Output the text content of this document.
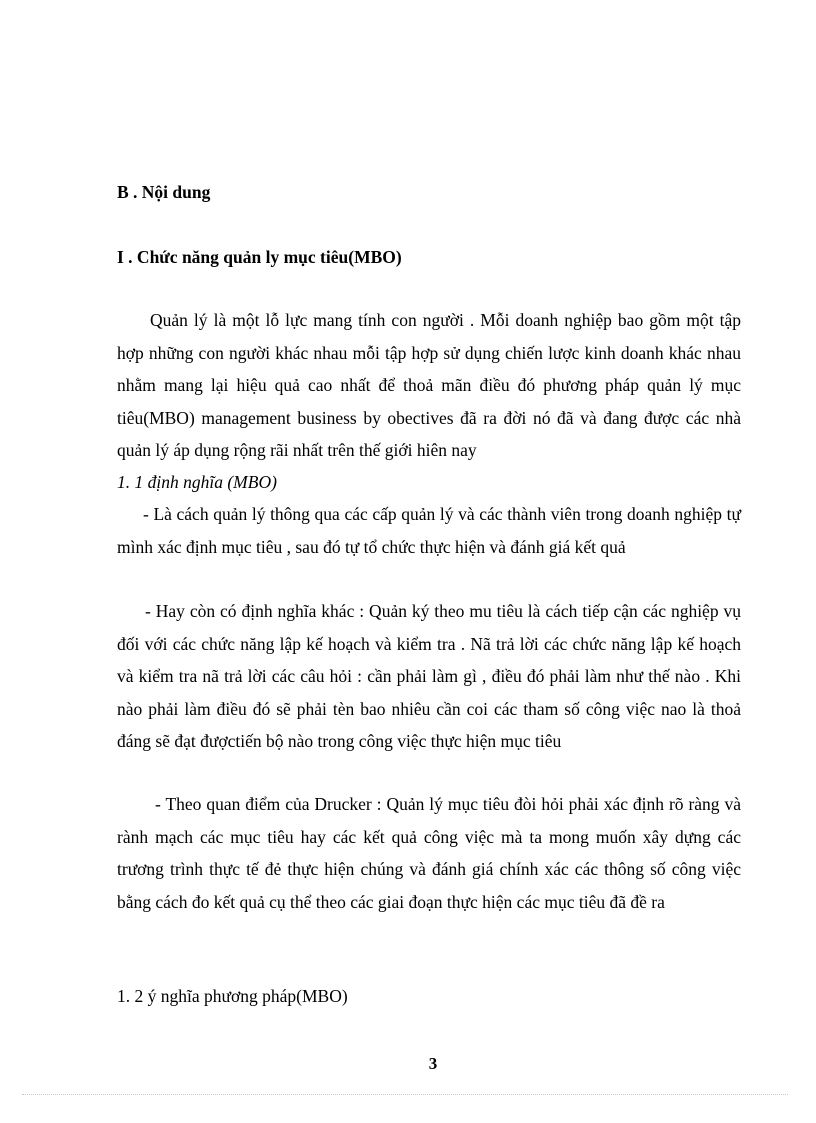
B . Nội dung

I . Chức năng quản ly mục tiêu(MBO)

Quản lý là một lỗ lực mang tính con người . Mỗi doanh nghiệp bao gồm một tập hợp những con người khác nhau mỗi tập hợp sử dụng chiến lược kinh doanh khác nhau nhằm mang lại hiệu quả cao nhất để thoả mãn điều đó phương pháp quản lý mục tiêu(MBO) management business by obectives đã ra đời nó đã và đang được các nhà quản lý áp dụng rộng rãi nhất trên thế giới hiên nay

1. 1 định nghĩa (MBO)

- Là cách quản lý thông qua các cấp quản lý và các thành viên trong doanh nghiệp tự mình xác định mục tiêu , sau đó tự tổ chức thực hiện và đánh giá kết quả

- Hay còn có định nghĩa khác : Quản ký theo mu tiêu là cách tiếp cận các nghiệp vụ đối với các chức năng lập kế hoạch và kiểm tra . Nã trả lời các chức năng lập kế hoạch và kiểm tra nã trả lời các câu hỏi : cần phải làm gì , điều đó phải làm như thế nào . Khi nào phải làm điều đó sẽ phải tèn bao nhiêu cần coi các tham số công việc nao là thoả đáng sẽ đạt đượctiến bộ nào trong công việc thực hiện mục tiêu

- Theo quan điểm của Drucker : Quản lý mục tiêu đòi hỏi phải xác định rõ ràng và rành mạch các mục tiêu hay các kết quả công việc mà ta mong muốn xây dựng các trương trình thực tế đẻ thực hiện chúng và đánh giá chính xác các thông số công việc bằng cách đo kết quả cụ thể theo các giai đoạn thực hiện các mục tiêu đã đề ra

1. 2 ý nghĩa phương pháp(MBO)

3
